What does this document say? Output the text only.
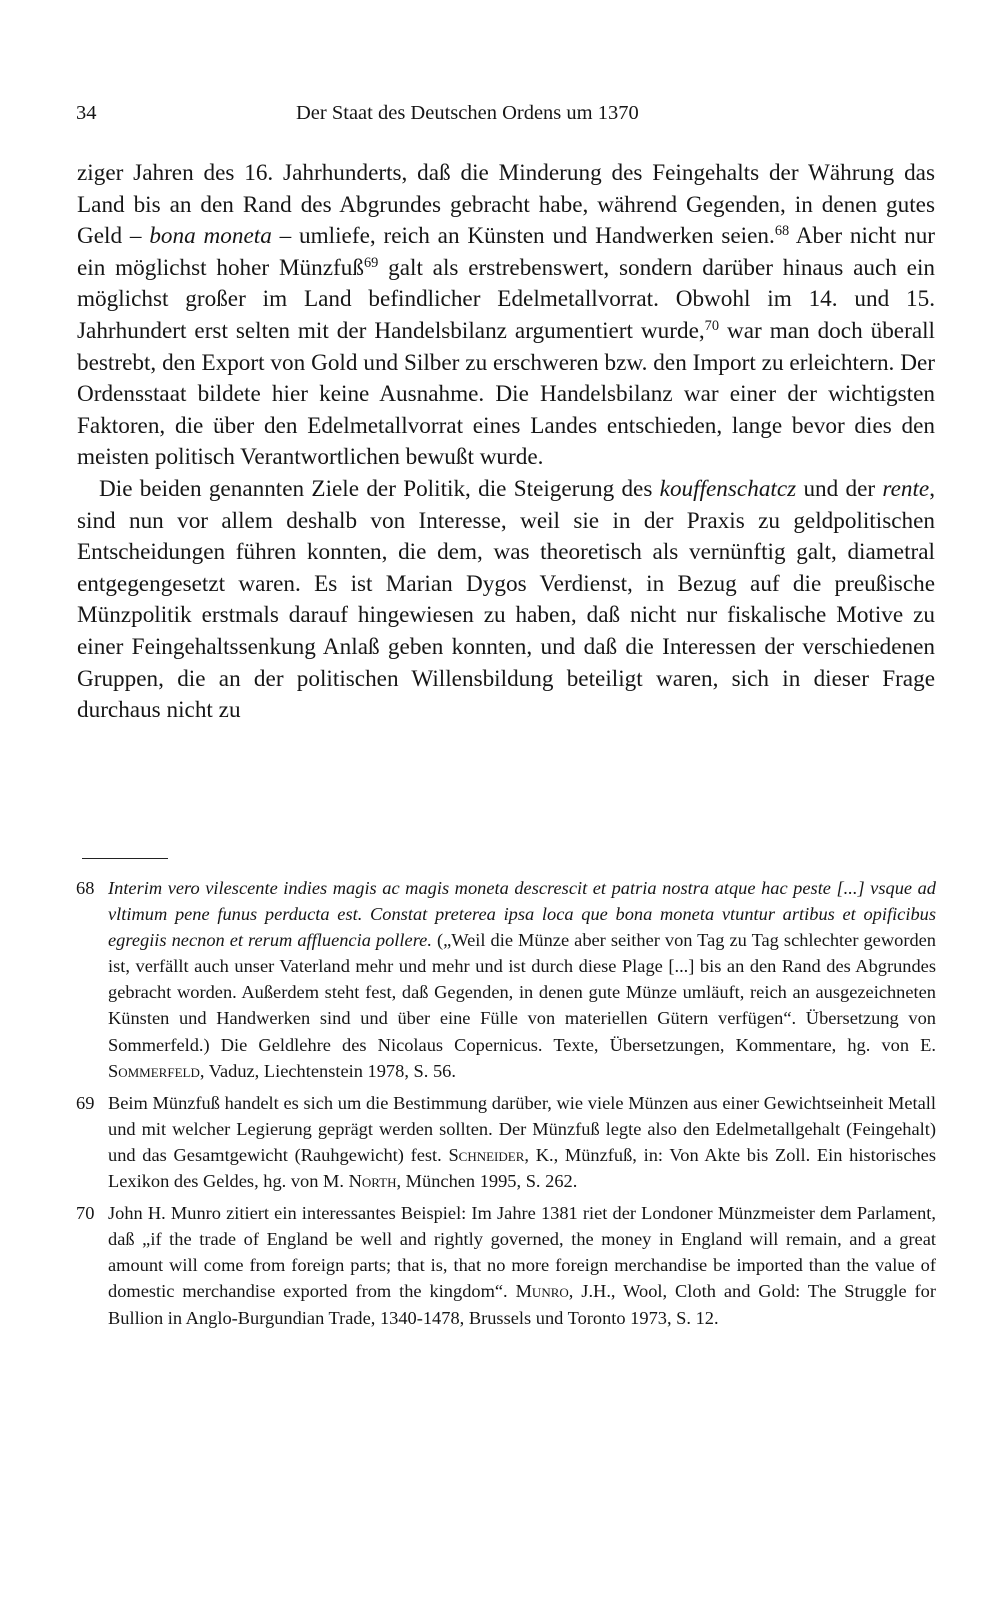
34	Der Staat des Deutschen Ordens um 1370

ziger Jahren des 16. Jahrhunderts, daß die Minderung des Feingehalts der Währung das Land bis an den Rand des Abgrundes gebracht habe, während Gegenden, in denen gutes Geld – bona moneta – umliefe, reich an Künsten und Handwerken seien.$^{68}$ Aber nicht nur ein möglichst hoher Münzfuß$^{69}$ galt als erstrebenswert, sondern darüber hinaus auch ein möglichst großer im Land befindlicher Edelmetallvorrat. Obwohl im 14. und 15. Jahrhundert erst selten mit der Handelsbilanz argumentiert wurde,$^{70}$ war man doch überall bestrebt, den Export von Gold und Silber zu erschweren bzw. den Import zu erleichtern. Der Ordensstaat bildete hier keine Ausnahme. Die Handelsbilanz war einer der wichtigsten Faktoren, die über den Edelmetallvorrat eines Landes entschieden, lange bevor dies den meisten politisch Verantwortlichen bewußt wurde.

Die beiden genannten Ziele der Politik, die Steigerung des kouffenschatcz und der rente, sind nun vor allem deshalb von Interesse, weil sie in der Praxis zu geldpolitischen Entscheidungen führen konnten, die dem, was theoretisch als vernünftig galt, diametral entgegengesetzt waren. Es ist Marian Dygos Verdienst, in Bezug auf die preußische Münzpolitik erstmals darauf hingewiesen zu haben, daß nicht nur fiskalische Motive zu einer Feingehaltssenkung Anlaß geben konnten, und daß die Interessen der verschiedenen Gruppen, die an der politischen Willensbildung beteiligt waren, sich in dieser Frage durchaus nicht zu

68 Interim vero vilescente indies magis ac magis moneta descrescit et patria nostra atque hac peste [...] vsque ad vltimum pene funus perducta est. Constat preterea ipsa loca que bona moneta vtuntur artibus et opificibus egregiis necnon et rerum affluencia pollere. („Weil die Münze aber seither von Tag zu Tag schlechter geworden ist, verfällt auch unser Vaterland mehr und mehr und ist durch diese Plage [...] bis an den Rand des Abgrundes gebracht worden. Außerdem steht fest, daß Gegenden, in denen gute Münze umläuft, reich an ausgezeichneten Künsten und Handwerken sind und über eine Fülle von materiellen Gütern verfügen“. Übersetzung von Sommerfeld.) Die Geldlehre des Nicolaus Copernicus. Texte, Übersetzungen, Kommentare, hg. von E. Sommerfeld, Vaduz, Liechtenstein 1978, S. 56.
69 Beim Münzfuß handelt es sich um die Bestimmung darüber, wie viele Münzen aus einer Gewichtseinheit Metall und mit welcher Legierung geprägt werden sollten. Der Münzfuß legte also den Edelmetallgehalt (Feingehalt) und das Gesamtgewicht (Rauhgewicht) fest. Schneider, K., Münzfuß, in: Von Akte bis Zoll. Ein historisches Lexikon des Geldes, hg. von M. North, München 1995, S. 262.
70 John H. Munro zitiert ein interessantes Beispiel: Im Jahre 1381 riet der Londoner Münzmeister dem Parlament, daß „if the trade of England be well and rightly governed, the money in England will remain, and a great amount will come from foreign parts; that is, that no more foreign merchandise be imported than the value of domestic merchandise exported from the kingdom“. Munro, J.H., Wool, Cloth and Gold: The Struggle for Bullion in Anglo-Burgundian Trade, 1340-1478, Brussels und Toronto 1973, S. 12.
